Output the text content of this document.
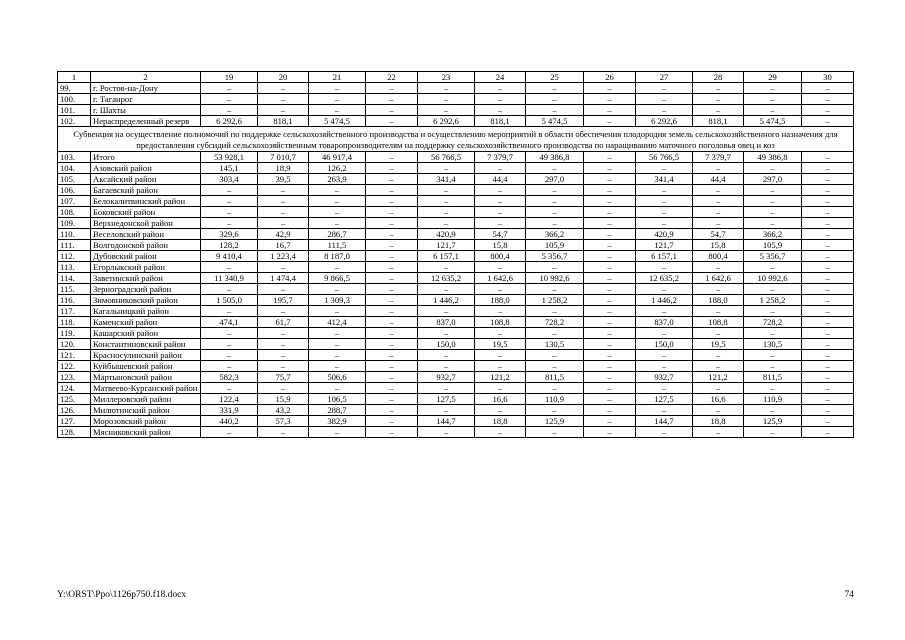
1	2	19	20	21	22	23	24	25	26	27	28	29	30
99.	г. Ростов-на-Дону	–	–	–	–	–	–	–	–	–	–	–	–
100.	г. Таганрог	–	–	–	–	–	–	–	–	–	–	–	–
101.	г. Шахты	–	–	–	–	–	–	–	–	–	–	–	–
102.	Нераспределенный резерв	6 292,6	818,1	5 474,5	–	6 292,6	818,1	5 474,5	–	6 292,6	818,1	5 474,5	–
Субвенция на осуществление полномочий по поддержке сельскохозяйственного производства и осуществлению мероприятий в области обеспечения плодородия земель сельскохозяйственного назначения для предоставления субсидий сельскохозяйственным товаропроизводителям на поддержку сельскохозяйственного производства по наращиванию маточного поголовья овец и коз													
103.	Итого	53 928,1	7 010,7	46 917,4	–	56 766,5	7 379,7	49 386,8	–	56 766,5	7 379,7	49 386,8	–
104.	Азовский район	145,1	18,9	126,2	–	–	–	–	–	–	–	–	–
105.	Аксайский район	303,4	39,5	263,9	–	341,4	44,4	297,0	–	341,4	44,4	297,0	–
106.	Багаевский район	–	–	–	–	–	–	–	–	–	–	–	–
107.	Белокалитвинский район	–	–	–	–	–	–	–	–	–	–	–	–
108.	Боковский район	–	–	–	–	–	–	–	–	–	–	–	–
109.	Верхнедонской район	–	–	–	–	–	–	–	–	–	–	–	–
110.	Веселовский район	329,6	42,9	286,7	–	420,9	54,7	366,2	–	420,9	54,7	366,2	–
111.	Волгодонской район	128,2	16,7	111,5	–	121,7	15,8	105,9	–	121,7	15,8	105,9	–
112.	Дубовский район	9 410,4	1 223,4	8 187,0	–	6 157,1	800,4	5 356,7	–	6 157,1	800,4	5 356,7	–
113.	Егорлыкский район	–	–	–	–	–	–	–	–	–	–	–	–
114.	Заветинский район	11 340,9	1 474,4	9 866,5	–	12 635,2	1 642,6	10 992,6	–	12 635,2	1 642,6	10 992,6	–
115.	Зерноградский район	–	–	–	–	–	–	–	–	–	–	–	–
116.	Зимовниковский район	1 505,0	195,7	1 309,3	–	1 446,2	188,0	1 258,2	–	1 446,2	188,0	1 258,2	–
117.	Кагальницкий район	–	–	–	–	–	–	–	–	–	–	–	–
118.	Каменский район	474,1	61,7	412,4	–	837,0	108,8	728,2	–	837,0	108,8	728,2	–
119.	Кашарский район	–	–	–	–	–	–	–	–	–	–	–	–
120.	Константиновский район	–	–	–	–	150,0	19,5	130,5	–	150,0	19,5	130,5	–
121.	Красносулинский район	–	–	–	–	–	–	–	–	–	–	–	–
122.	Куйбышевский район	–	–	–	–	–	–	–	–	–	–	–	–
123.	Мартыновский район	582,3	75,7	506,6	–	932,7	121,2	811,5	–	932,7	121,2	811,5	–
124.	Матвеево-Курганский район	–	–	–	–	–	–	–	–	–	–	–	–
125.	Миллеровский район	122,4	15,9	106,5	–	127,5	16,6	110,9	–	127,5	16,6	110,9	–
126.	Милютинский район	331,9	43,2	288,7	–	–	–	–	–	–	–	–	–
127.	Морозовский район	440,2	57,3	382,9	–	144,7	18,8	125,9	–	144,7	18,8	125,9	–
128.	Мясниковский район	–	–	–	–	–	–	–	–	–	–	–	–
Y:\ORST\Ppo\1126p750.f18.docx	74
